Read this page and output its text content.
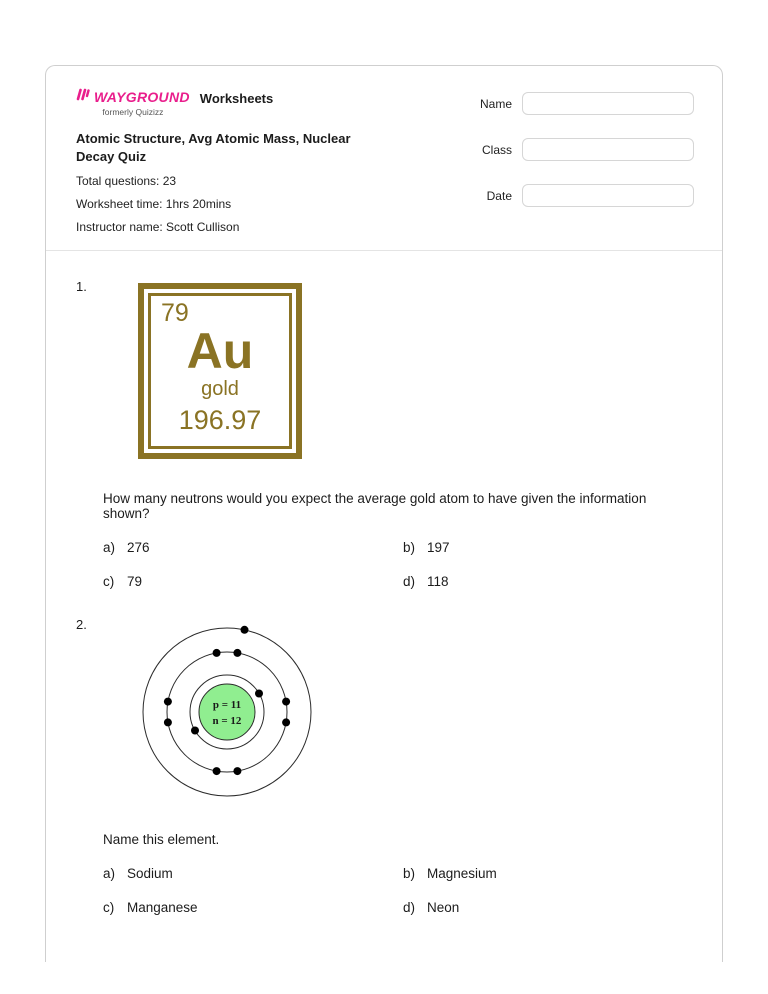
WAYGROUND
formerly Quizizz
Worksheets
Atomic Structure, Avg Atomic Mass, Nuclear Decay Quiz
Total questions: 23
Worksheet time: 1hrs 20mins
Instructor name: Scott Cullison
Name
Class
Date
1.
79
Au
gold
196.97
How many neutrons would you expect the average gold atom to have given the information shown?
a) 276	b) 197
c) 79	d) 118
2.
p = 11
n = 12
Name this element.
a) Sodium	b) Magnesium
c) Manganese	d) Neon
